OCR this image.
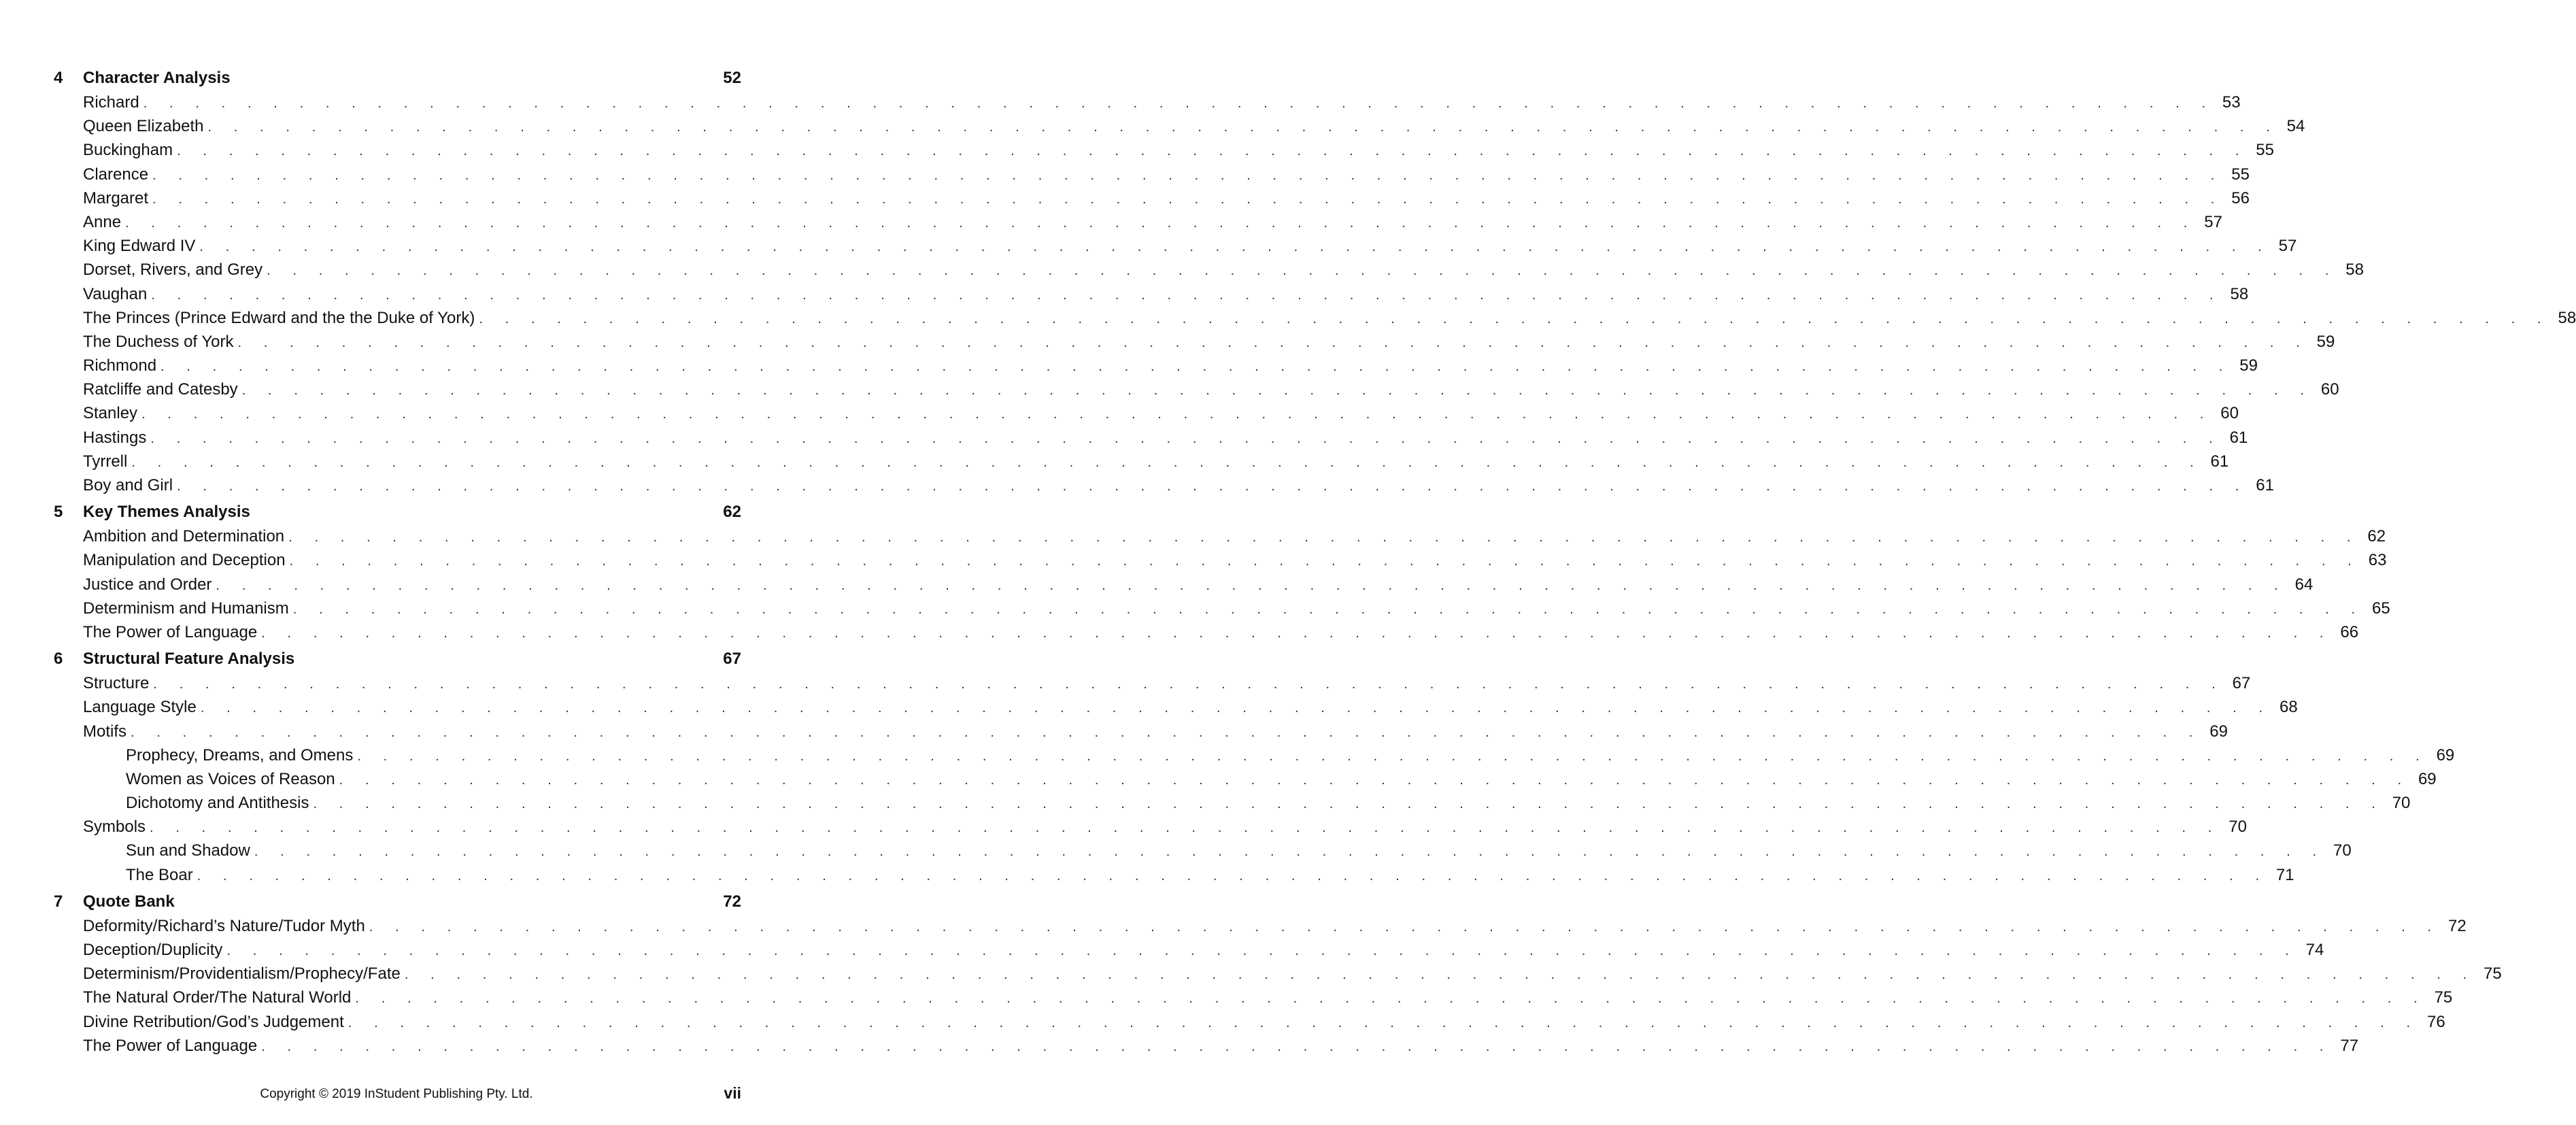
4 Character Analysis	52
Richard . . . . . . . . . . . . . . . . . . . . . . . . . . . . . . . . . . . . . . . . . . . . . . . . . . . . . . . . . . . . . . . . . . . . . . . . . . . . . . . . 53
Queen Elizabeth . . . . . . . . . . . . . . . . . . . . . . . . . . . . . . . . . . . . . . . . . . . . . . . . . . . . . . . . . . . . . . . . . . . . . . . . . . . . . . . . 54
Buckingham . . . . . . . . . . . . . . . . . . . . . . . . . . . . . . . . . . . . . . . . . . . . . . . . . . . . . . . . . . . . . . . . . . . . . . . . . . . . . . . . 55
Clarence . . . . . . . . . . . . . . . . . . . . . . . . . . . . . . . . . . . . . . . . . . . . . . . . . . . . . . . . . . . . . . . . . . . . . . . . . . . . . . . . 55
Margaret . . . . . . . . . . . . . . . . . . . . . . . . . . . . . . . . . . . . . . . . . . . . . . . . . . . . . . . . . . . . . . . . . . . . . . . . . . . . . . . . 56
Anne . . . . . . . . . . . . . . . . . . . . . . . . . . . . . . . . . . . . . . . . . . . . . . . . . . . . . . . . . . . . . . . . . . . . . . . . . . . . . . . . 57
King Edward IV . . . . . . . . . . . . . . . . . . . . . . . . . . . . . . . . . . . . . . . . . . . . . . . . . . . . . . . . . . . . . . . . . . . . . . . . . . . . . . . . 57
Dorset, Rivers, and Grey . . . . . . . . . . . . . . . . . . . . . . . . . . . . . . . . . . . . . . . . . . . . . . . . . . . . . . . . . . . . . . . . . . . . . . . . . . . . . . . . 58
Vaughan . . . . . . . . . . . . . . . . . . . . . . . . . . . . . . . . . . . . . . . . . . . . . . . . . . . . . . . . . . . . . . . . . . . . . . . . . . . . . . . . 58
The Princes (Prince Edward and the the Duke of York) . . . . . . . . . . . . . . . . . . . . . . . . . . . . . . . . . . . . . . . . . . . . . . . . . . . . . . . . . . . . . . . . . . . . . . . . . . . . . . . . 58
The Duchess of York . . . . . . . . . . . . . . . . . . . . . . . . . . . . . . . . . . . . . . . . . . . . . . . . . . . . . . . . . . . . . . . . . . . . . . . . . . . . . . . . 59
Richmond . . . . . . . . . . . . . . . . . . . . . . . . . . . . . . . . . . . . . . . . . . . . . . . . . . . . . . . . . . . . . . . . . . . . . . . . . . . . . . . . 59
Ratcliffe and Catesby . . . . . . . . . . . . . . . . . . . . . . . . . . . . . . . . . . . . . . . . . . . . . . . . . . . . . . . . . . . . . . . . . . . . . . . . . . . . . . . . 60
Stanley . . . . . . . . . . . . . . . . . . . . . . . . . . . . . . . . . . . . . . . . . . . . . . . . . . . . . . . . . . . . . . . . . . . . . . . . . . . . . . . . 60
Hastings . . . . . . . . . . . . . . . . . . . . . . . . . . . . . . . . . . . . . . . . . . . . . . . . . . . . . . . . . . . . . . . . . . . . . . . . . . . . . . . . 61
Tyrrell . . . . . . . . . . . . . . . . . . . . . . . . . . . . . . . . . . . . . . . . . . . . . . . . . . . . . . . . . . . . . . . . . . . . . . . . . . . . . . . . 61
Boy and Girl . . . . . . . . . . . . . . . . . . . . . . . . . . . . . . . . . . . . . . . . . . . . . . . . . . . . . . . . . . . . . . . . . . . . . . . . . . . . . . . . 61
5 Key Themes Analysis	62
Ambition and Determination . . . . . . . . . . . . . . . . . . . . . . . . . . . . . . . . . . . . . . . . . . . . . . . . . . . . . . . . . . . . . . . . . . . . . . . . . . . . . . . . 62
Manipulation and Deception . . . . . . . . . . . . . . . . . . . . . . . . . . . . . . . . . . . . . . . . . . . . . . . . . . . . . . . . . . . . . . . . . . . . . . . . . . . . . . . . 63
Justice and Order . . . . . . . . . . . . . . . . . . . . . . . . . . . . . . . . . . . . . . . . . . . . . . . . . . . . . . . . . . . . . . . . . . . . . . . . . . . . . . . . 64
Determinism and Humanism . . . . . . . . . . . . . . . . . . . . . . . . . . . . . . . . . . . . . . . . . . . . . . . . . . . . . . . . . . . . . . . . . . . . . . . . . . . . . . . . 65
The Power of Language . . . . . . . . . . . . . . . . . . . . . . . . . . . . . . . . . . . . . . . . . . . . . . . . . . . . . . . . . . . . . . . . . . . . . . . . . . . . . . . . 66
6 Structural Feature Analysis	67
Structure . . . . . . . . . . . . . . . . . . . . . . . . . . . . . . . . . . . . . . . . . . . . . . . . . . . . . . . . . . . . . . . . . . . . . . . . . . . . . . . . 67
Language Style . . . . . . . . . . . . . . . . . . . . . . . . . . . . . . . . . . . . . . . . . . . . . . . . . . . . . . . . . . . . . . . . . . . . . . . . . . . . . . . . 68
Motifs . . . . . . . . . . . . . . . . . . . . . . . . . . . . . . . . . . . . . . . . . . . . . . . . . . . . . . . . . . . . . . . . . . . . . . . . . . . . . . . . 69
Prophecy, Dreams, and Omens . . . . . . . . . . . . . . . . . . . . . . . . . . . . . . . . . . . . . . . . . . . . . . . . . . . . . . . . . . . . . . . . . . . . . . . . . . . . . . . . 69
Women as Voices of Reason . . . . . . . . . . . . . . . . . . . . . . . . . . . . . . . . . . . . . . . . . . . . . . . . . . . . . . . . . . . . . . . . . . . . . . . . . . . . . . . . 69
Dichotomy and Antithesis . . . . . . . . . . . . . . . . . . . . . . . . . . . . . . . . . . . . . . . . . . . . . . . . . . . . . . . . . . . . . . . . . . . . . . . . . . . . . . . . 70
Symbols . . . . . . . . . . . . . . . . . . . . . . . . . . . . . . . . . . . . . . . . . . . . . . . . . . . . . . . . . . . . . . . . . . . . . . . . . . . . . . . . 70
Sun and Shadow . . . . . . . . . . . . . . . . . . . . . . . . . . . . . . . . . . . . . . . . . . . . . . . . . . . . . . . . . . . . . . . . . . . . . . . . . . . . . . . . 70
The Boar . . . . . . . . . . . . . . . . . . . . . . . . . . . . . . . . . . . . . . . . . . . . . . . . . . . . . . . . . . . . . . . . . . . . . . . . . . . . . . . . 71
7 Quote Bank	72
Deformity/Richard’s Nature/Tudor Myth . . . . . . . . . . . . . . . . . . . . . . . . . . . . . . . . . . . . . . . . . . . . . . . . . . . . . . . . . . . . . . . . . . . . . . . . . . . . . . . . 72
Deception/Duplicity . . . . . . . . . . . . . . . . . . . . . . . . . . . . . . . . . . . . . . . . . . . . . . . . . . . . . . . . . . . . . . . . . . . . . . . . . . . . . . . . 74
Determinism/Providentialism/Prophecy/Fate . . . . . . . . . . . . . . . . . . . . . . . . . . . . . . . . . . . . . . . . . . . . . . . . . . . . . . . . . . . . . . . . . . . . . . . . . . . . . . . . 75
The Natural Order/The Natural World . . . . . . . . . . . . . . . . . . . . . . . . . . . . . . . . . . . . . . . . . . . . . . . . . . . . . . . . . . . . . . . . . . . . . . . . . . . . . . . . 75
Divine Retribution/God’s Judgement . . . . . . . . . . . . . . . . . . . . . . . . . . . . . . . . . . . . . . . . . . . . . . . . . . . . . . . . . . . . . . . . . . . . . . . . . . . . . . . . 76
The Power of Language . . . . . . . . . . . . . . . . . . . . . . . . . . . . . . . . . . . . . . . . . . . . . . . . . . . . . . . . . . . . . . . . . . . . . . . . . . . . . . . . 77
Copyright © 2019 InStudent Publishing Pty. Ltd.	vii
